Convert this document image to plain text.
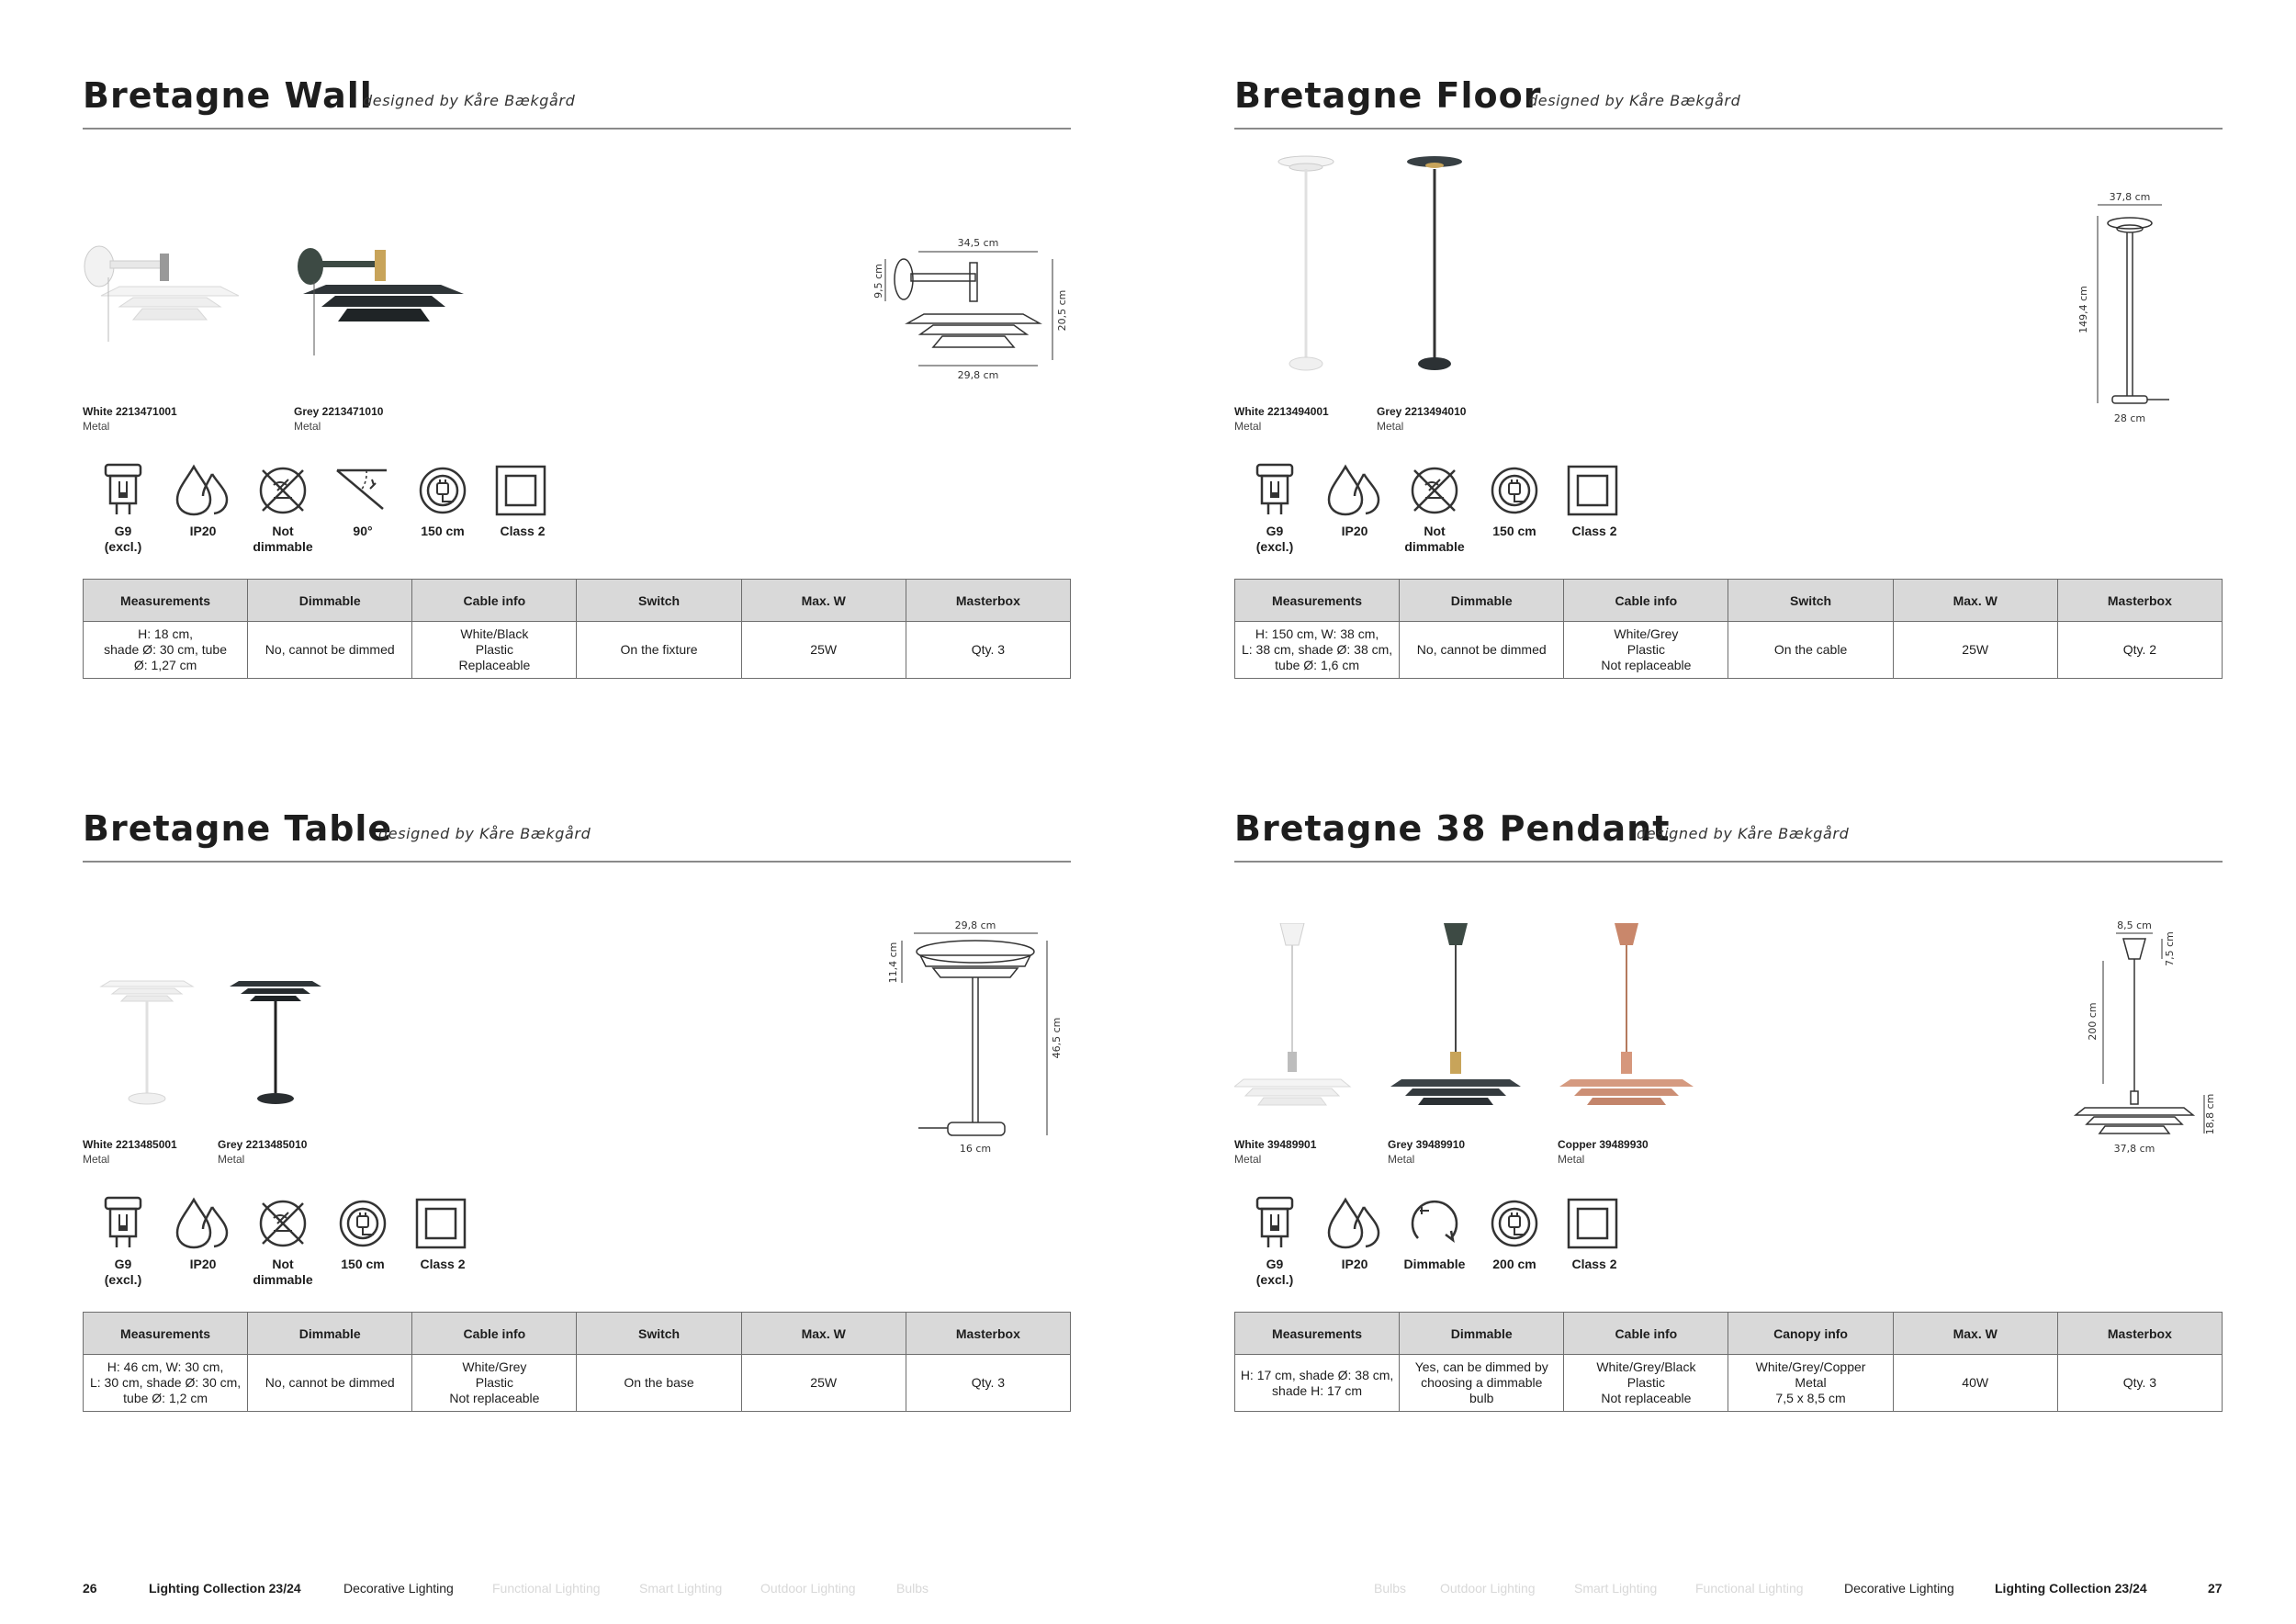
Bretagne Wall
designed by Kåre Bækgård
White 2213471001
Metal
Grey 2213471010
Metal
34,5 cm
9,5 cm
20,5 cm
29,8 cm
G9
(excl.)
IP20	Not
dimmable
90°	150 cm	Class 2
Measurements	Dimmable	Cable info	Switch	Max. W	Masterbox
H: 18 cm,
shade Ø: 30 cm, tube
Ø: 1,27 cm	No, cannot be dimmed	White/Black
Plastic
Replaceable	On the fixture	25W	Qty. 3
Bretagne Floor
designed by Kåre Bækgård
White 2213494001
Metal
Grey 2213494010
Metal
37,8 cm
149,4 cm
28 cm
G9
(excl.)
IP20	Not
dimmable
150 cm	Class 2
Measurements	Dimmable	Cable info	Switch	Max. W	Masterbox
H: 150 cm, W: 38 cm,
L: 38 cm, shade Ø: 38 cm,
tube Ø: 1,6 cm	No, cannot be dimmed	White/Grey
Plastic
Not replaceable	On the cable	25W	Qty. 2
Bretagne Table
designed by Kåre Bækgård
White 2213485001
Metal
Grey 2213485010
Metal
29,8 cm
11,4 cm
46,5 cm
16 cm
G9
(excl.)
IP20	Not
dimmable
150 cm	Class 2
Measurements	Dimmable	Cable info	Switch	Max. W	Masterbox
H: 46 cm, W: 30 cm,
L: 30 cm, shade Ø: 30 cm,
tube Ø: 1,2 cm	No, cannot be dimmed	White/Grey
Plastic
Not replaceable	On the base	25W	Qty. 3
Bretagne 38 Pendant
designed by Kåre Bækgård
White 39489901
Metal
Grey 39489910
Metal
Copper 39489930
Metal
8,5 cm
7,5 cm
200 cm
18,8 cm
37,8 cm
G9
(excl.)
IP20	Dimmable	200 cm	Class 2
Measurements	Dimmable	Cable info	Canopy info	Max. W	Masterbox
H: 17 cm, shade Ø: 38 cm,
shade H: 17 cm	Yes, can be dimmed by
choosing a dimmable
bulb	White/Grey/Black
Plastic
Not replaceable	White/Grey/Copper
Metal
7,5 x 8,5 cm	40W	Qty. 3
26	Lighting Collection 23/24	Decorative Lighting	Functional Lighting	Smart Lighting	Outdoor Lighting	Bulbs	Bulbs	Outdoor Lighting	Smart Lighting	Functional Lighting	Decorative Lighting	Lighting Collection 23/24	27
